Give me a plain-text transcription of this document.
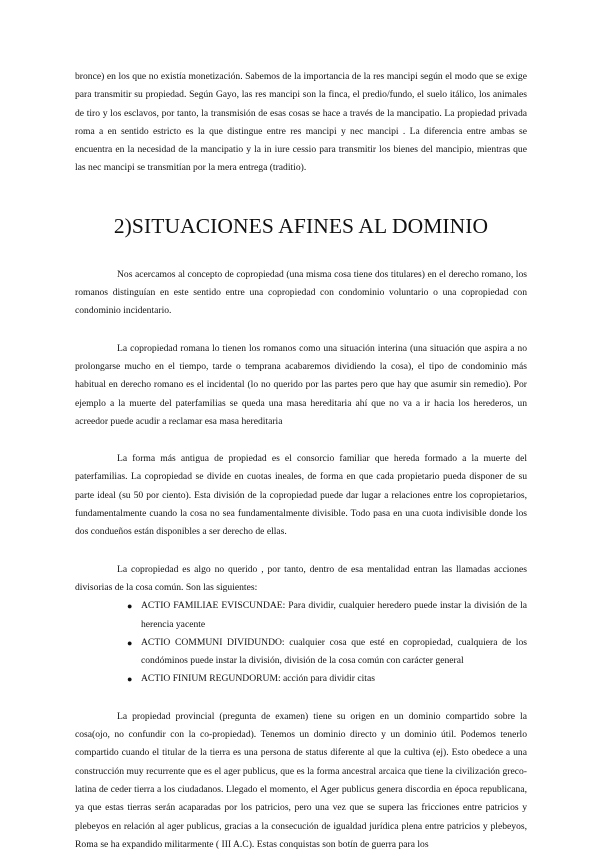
bronce) en los que no existía monetización. Sabemos de la importancia de la res mancipi según el modo que se exige para transmitir su propiedad. Según Gayo, las res mancipi son la finca, el predio/fundo, el suelo itálico, los animales de tiro y los esclavos, por tanto, la transmisión de esas cosas se hace a través de la mancipatio. La propiedad privada roma a en sentido estricto es la que distingue entre res mancipi y nec mancipi . La diferencia entre ambas se encuentra en la necesidad de la mancipatio y la in iure cessio para transmitir los bienes del mancipio, mientras que las nec mancipi se transmitían por la mera entrega (traditio).

2)SITUACIONES AFINES AL DOMINIO

Nos acercamos al concepto de copropiedad (una misma cosa tiene dos titulares) en el derecho romano, los romanos distinguían en este sentido entre una copropiedad con condominio voluntario o una copropiedad con condominio incidentario.

La copropiedad romana lo tienen los romanos como una situación interina (una situación que aspira a no prolongarse mucho en el tiempo, tarde o temprana acabaremos dividiendo la cosa), el tipo de condominio más habitual en derecho romano es el incidental (lo no querido por las partes pero que hay que asumir sin remedio). Por ejemplo a la muerte del paterfamilias se queda una masa hereditaria ahí que no va a ir hacia los herederos, un acreedor puede acudir a reclamar esa masa hereditaria

La forma más antigua de propiedad es el consorcio familiar que hereda formado a la muerte del paterfamilias. La copropiedad se divide en cuotas ineales, de forma en que cada propietario pueda disponer de su parte ideal (su 50 por ciento). Esta división de la copropiedad puede dar lugar a relaciones entre los copropietarios, fundamentalmente cuando la cosa no sea fundamentalmente divisible. Todo pasa en una cuota indivisible donde los dos condueños están disponibles a ser derecho de ellas.

La copropiedad es algo no querido , por tanto, dentro de esa mentalidad entran las llamadas acciones divisorias de la cosa común. Son las siguientes:

● ACTIO FAMILIAE EVISCUNDAE: Para dividir, cualquier heredero puede instar la división de la herencia yacente
● ACTIO COMMUNI DIVIDUNDO: cualquier cosa que esté en copropiedad, cualquiera de los condóminos puede instar la división, división de la cosa común con carácter general
● ACTIO FINIUM REGUNDORUM: acción para dividir citas

La propiedad provincial (pregunta de examen) tiene su origen en un dominio compartido sobre la cosa(ojo, no confundir con la co-propiedad). Tenemos un dominio directo y un dominio útil. Podemos tenerlo compartido cuando el titular de la tierra es una persona de status diferente al que la cultiva (ej). Esto obedece a una construcción muy recurrente que es el ager publicus, que es la forma ancestral arcaica que tiene la civilización greco-latina de ceder tierra a los ciudadanos. Llegado el momento, el Ager publicus genera discordia en época republicana, ya que estas tierras serán acaparadas por los patricios, pero una vez que se supera las fricciones entre patricios y plebeyos en relación al ager publicus, gracias a la consecución de igualdad jurídica plena entre patricios y plebeyos, Roma se ha expandido militarmente ( III A.C). Estas conquistas son botín de guerra para los
